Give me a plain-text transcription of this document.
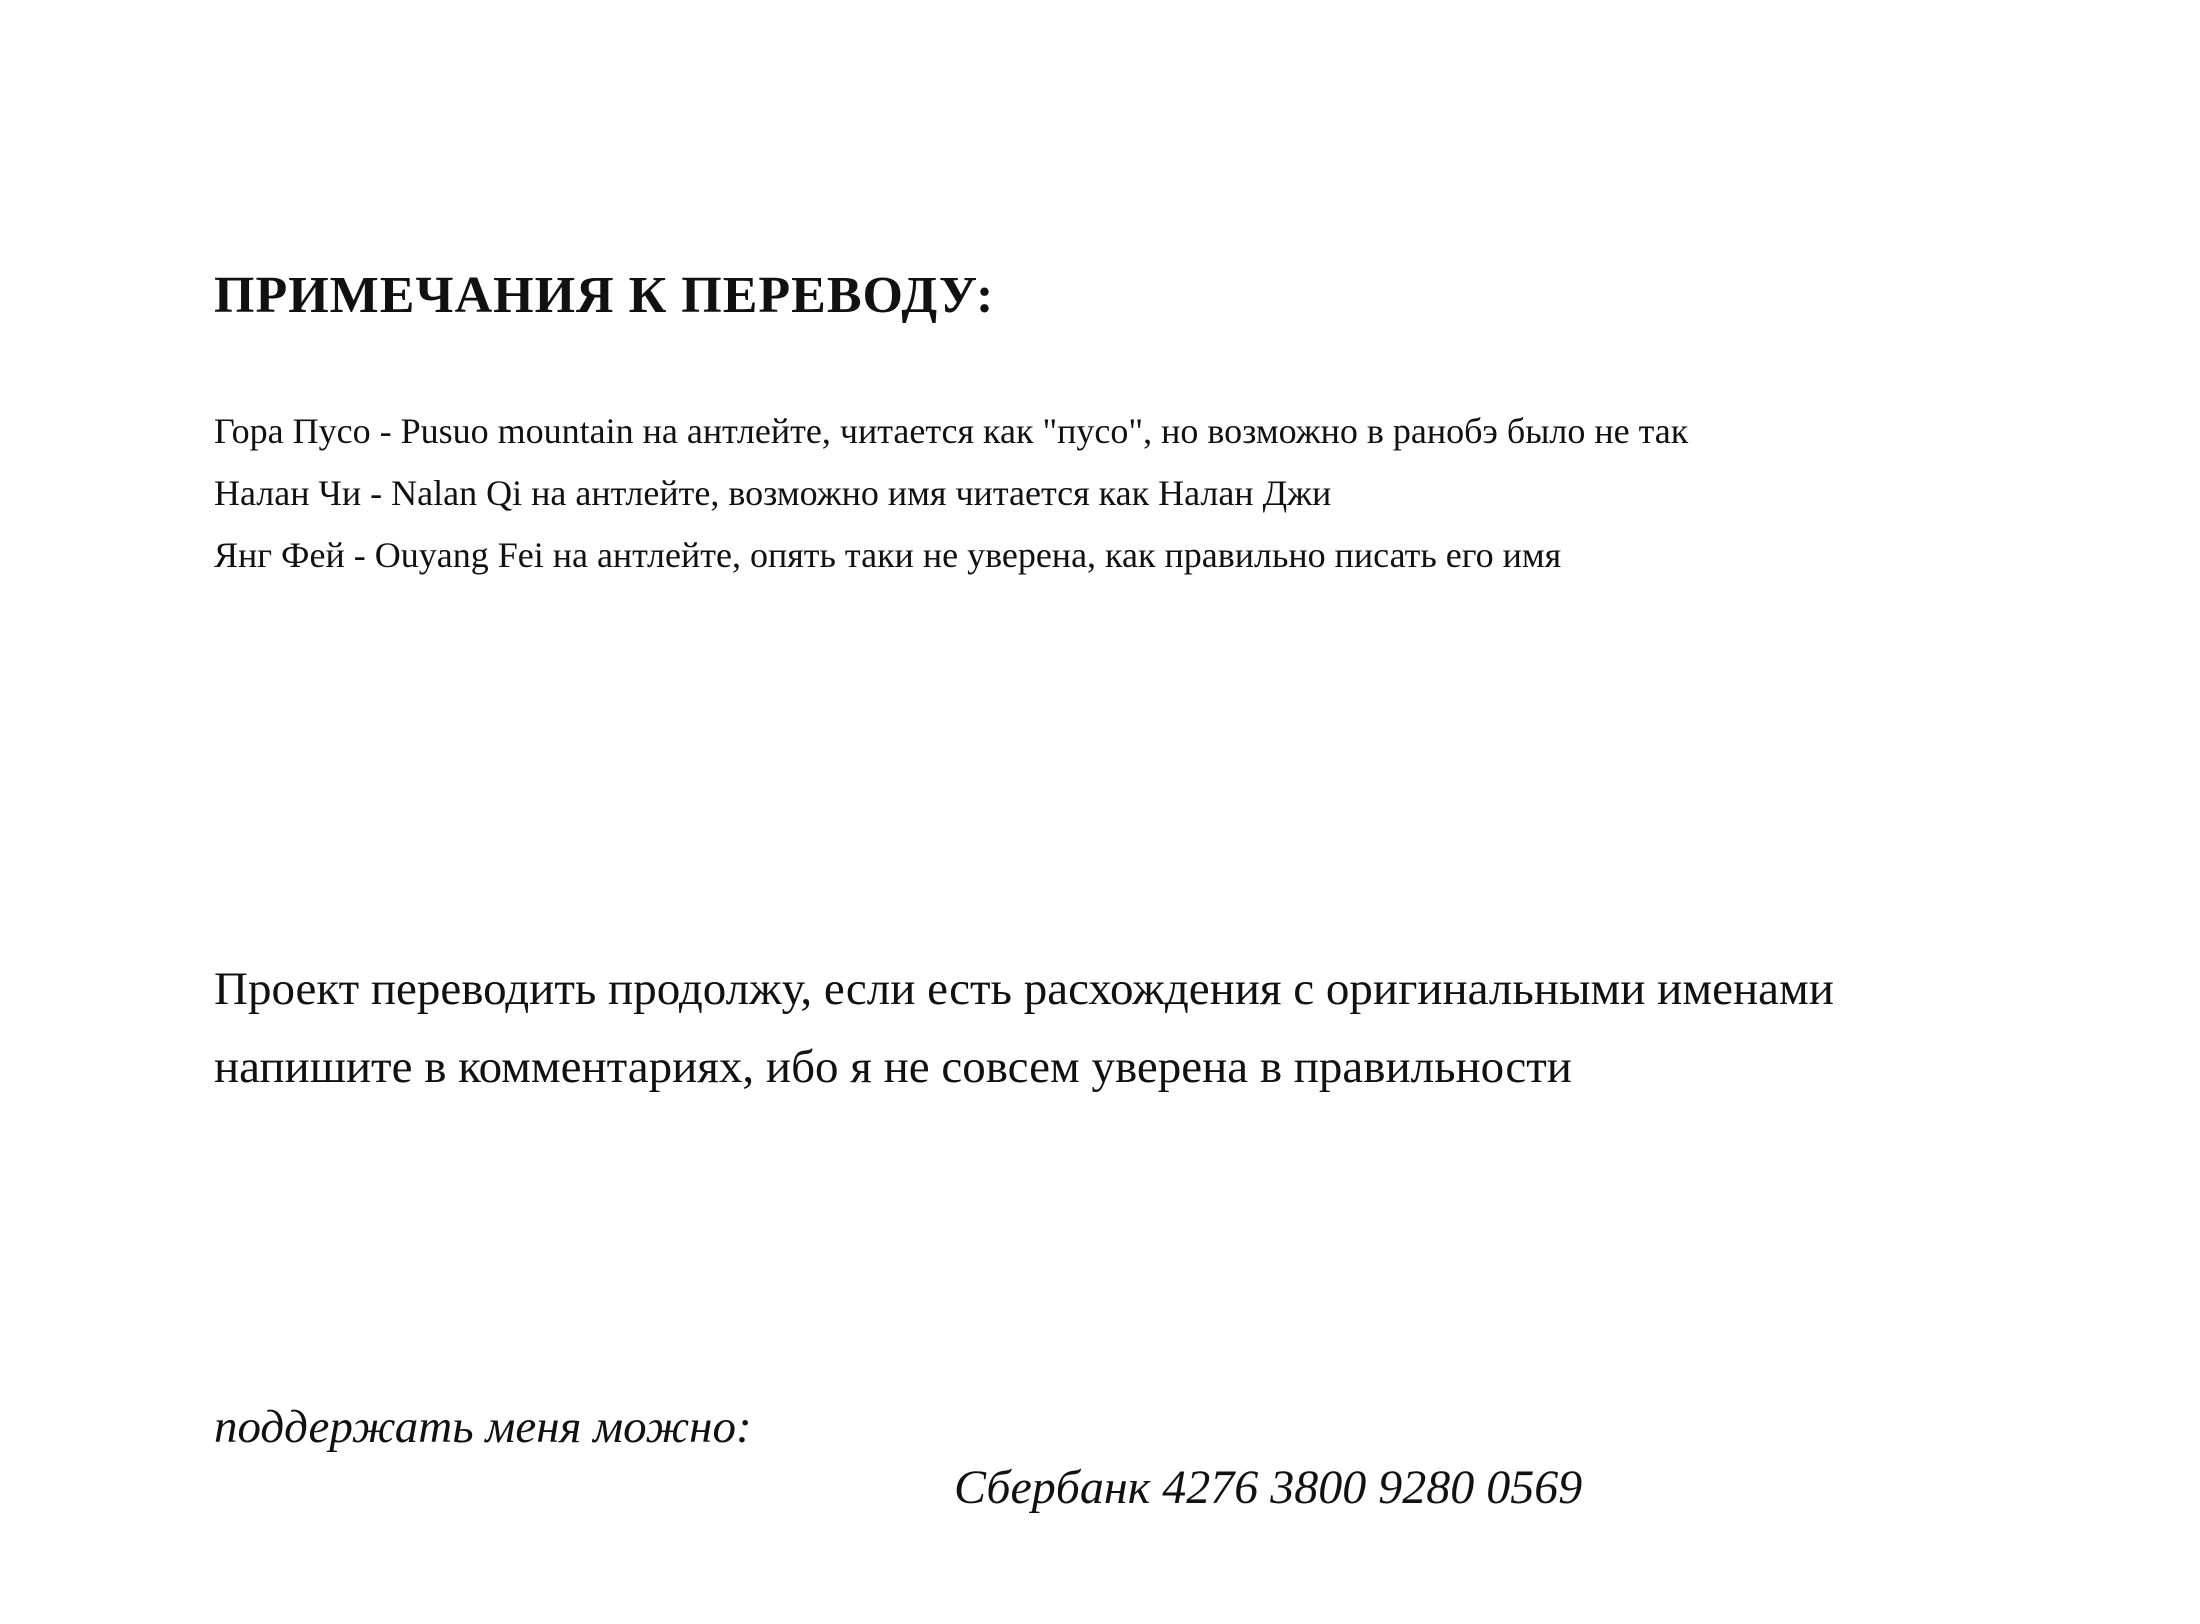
ПРИМЕЧАНИЯ К ПЕРЕВОДУ:
Гора Пусо - Pusuo mountain на антлейте, читается как "пусо", но возможно в ранобэ было не так
Налан Чи - Nalan Qi на антлейте, возможно имя читается как Налан Джи
Янг Фей - Ouyang Fei на антлейте, опять таки не уверена, как правильно писать его имя

Проект переводить продолжу, если есть расхождения с оригинальными именами
напишите в комментариях, ибо я не совсем уверена в правильности

поддержать меня можно:

Сбербанк 4276 3800 9280 0569
